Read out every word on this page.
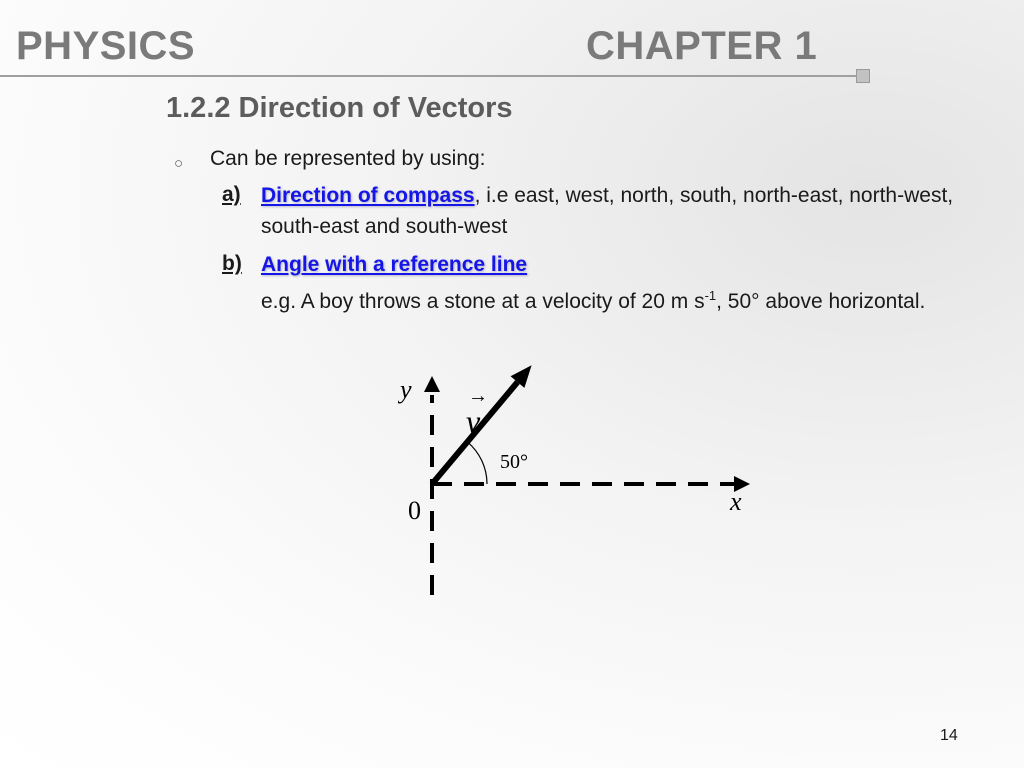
PHYSICS	CHAPTER 1
1.2.2 Direction of Vectors
○ Can be represented by using:
a) Direction of compass, i.e east, west, north, south, north-east, north-west, south-east and south-west
b) Angle with a reference line
e.g. A boy throws a stone at a velocity of 20 m $s^{-1}$, 50° above horizontal.
y
x
0
v
→
50°
14
